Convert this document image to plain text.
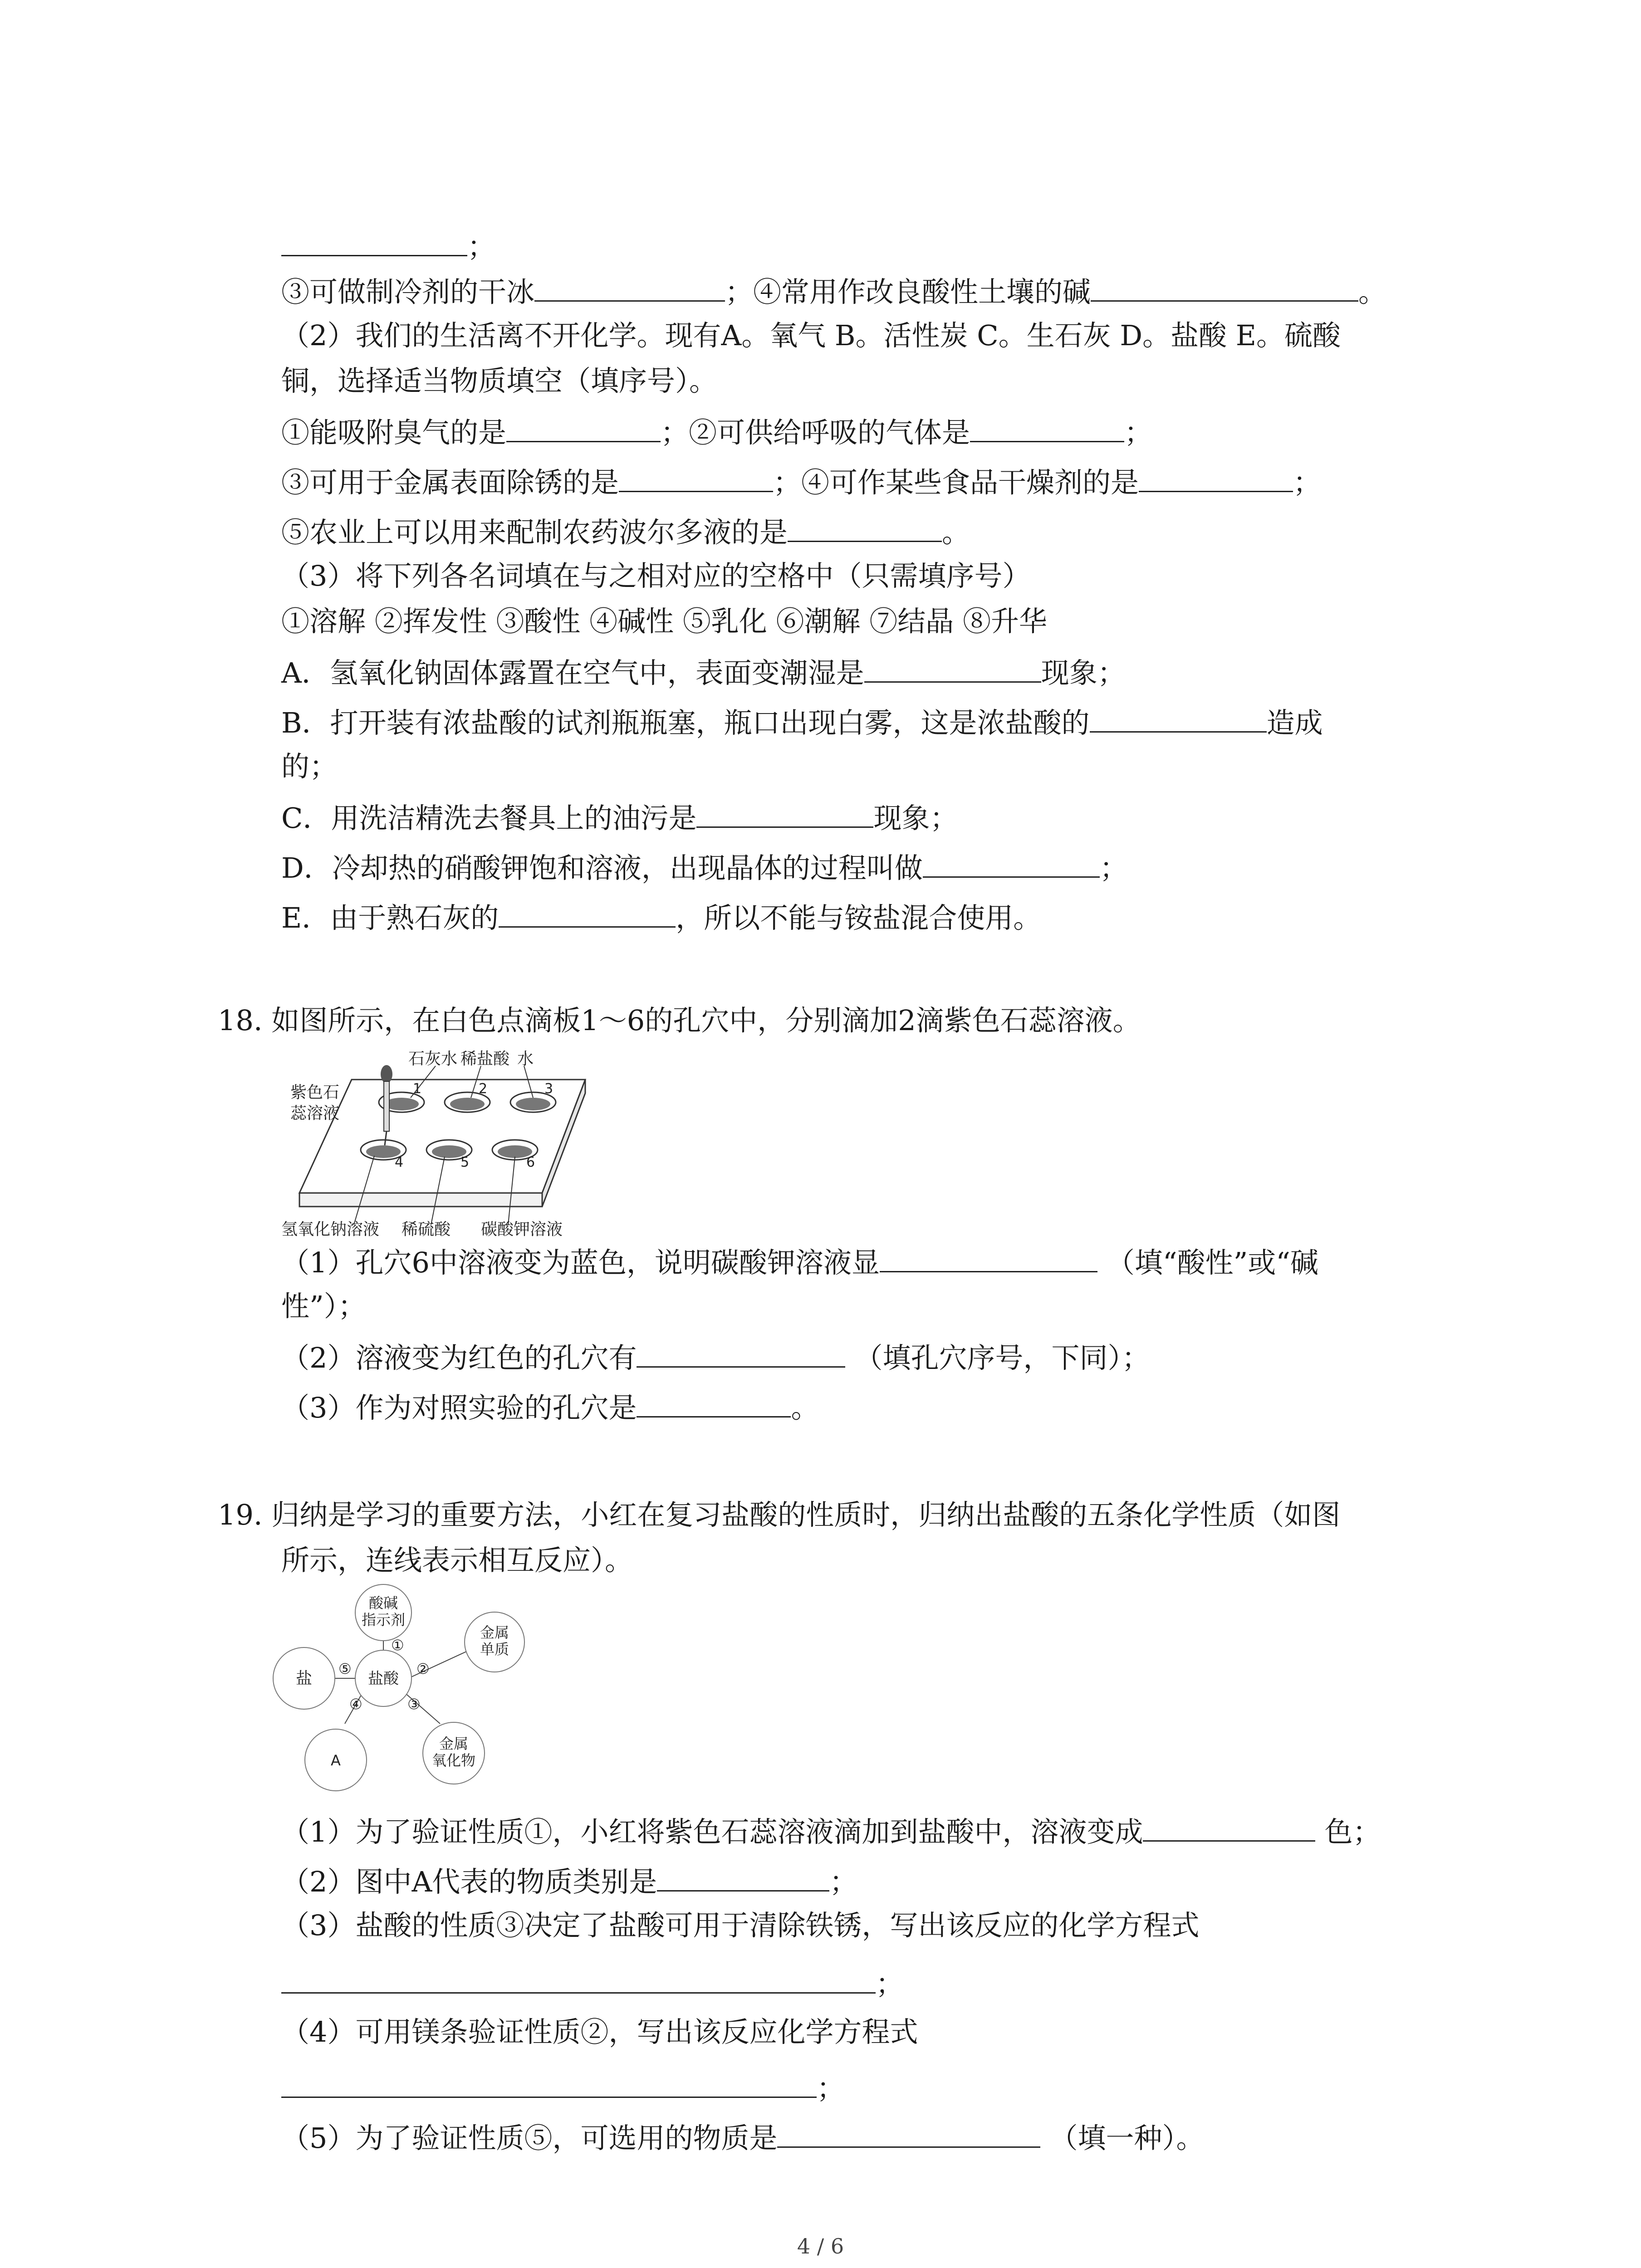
；
③可做制冷剂的干冰	；④常用作改良酸性土壤的碱	。
（2）我们的生活离不开化学。现有A。氧气 B。活性炭 C。生石灰 D。盐酸 E。硫酸
铜，选择适当物质填空（填序号）。
①能吸附臭气的是	；②可供给呼吸的气体是	；
③可用于金属表面除锈的是	；④可作某些食品干燥剂的是	；
⑤农业上可以用来配制农药波尔多液的是	。
（3）将下列各名词填在与之相对应的空格中（只需填序号）
①溶解 ②挥发性 ③酸性 ④碱性 ⑤乳化 ⑥潮解 ⑦结晶 ⑧升华
A．氢氧化钠固体露置在空气中，表面变潮湿是	现象；
B．打开装有浓盐酸的试剂瓶瓶塞，瓶口出现白雾，这是浓盐酸的	造成
的；
C．用洗洁精洗去餐具上的油污是	现象；
D．冷却热的硝酸钾饱和溶液，出现晶体的过程叫做	；
E．由于熟石灰的	，所以不能与铵盐混合使用。
18. 如图所示，在白色点滴板1～6的孔穴中，分别滴加2滴紫色石蕊溶液。
石灰水 稀盐酸 水
紫色石
蕊溶液
氢氧化钠溶液 稀硫酸 碳酸钾溶液
1	2	3
4	5	6
（1）孔穴6中溶液变为蓝色，说明碳酸钾溶液显	（填“酸性”或“碱
性”）；
（2）溶液变为红色的孔穴有	（填孔穴序号，下同）；
（3）作为对照实验的孔穴是	。
19. 归纳是学习的重要方法，小红在复习盐酸的性质时，归纳出盐酸的五条化学性质（如图
所示，连线表示相互反应）。
酸碱
指示剂
金属
单质
盐酸
盐
A
金属
氧化物
①
②
③
④
⑤
（1）为了验证性质①，小红将紫色石蕊溶液滴加到盐酸中，溶液变成	色；
（2）图中A代表的物质类别是	；
（3）盐酸的性质③决定了盐酸可用于清除铁锈，写出该反应的化学方程式
；
（4）可用镁条验证性质②，写出该反应化学方程式
；
（5）为了验证性质⑤，可选用的物质是	（填一种）。
4 / 6
